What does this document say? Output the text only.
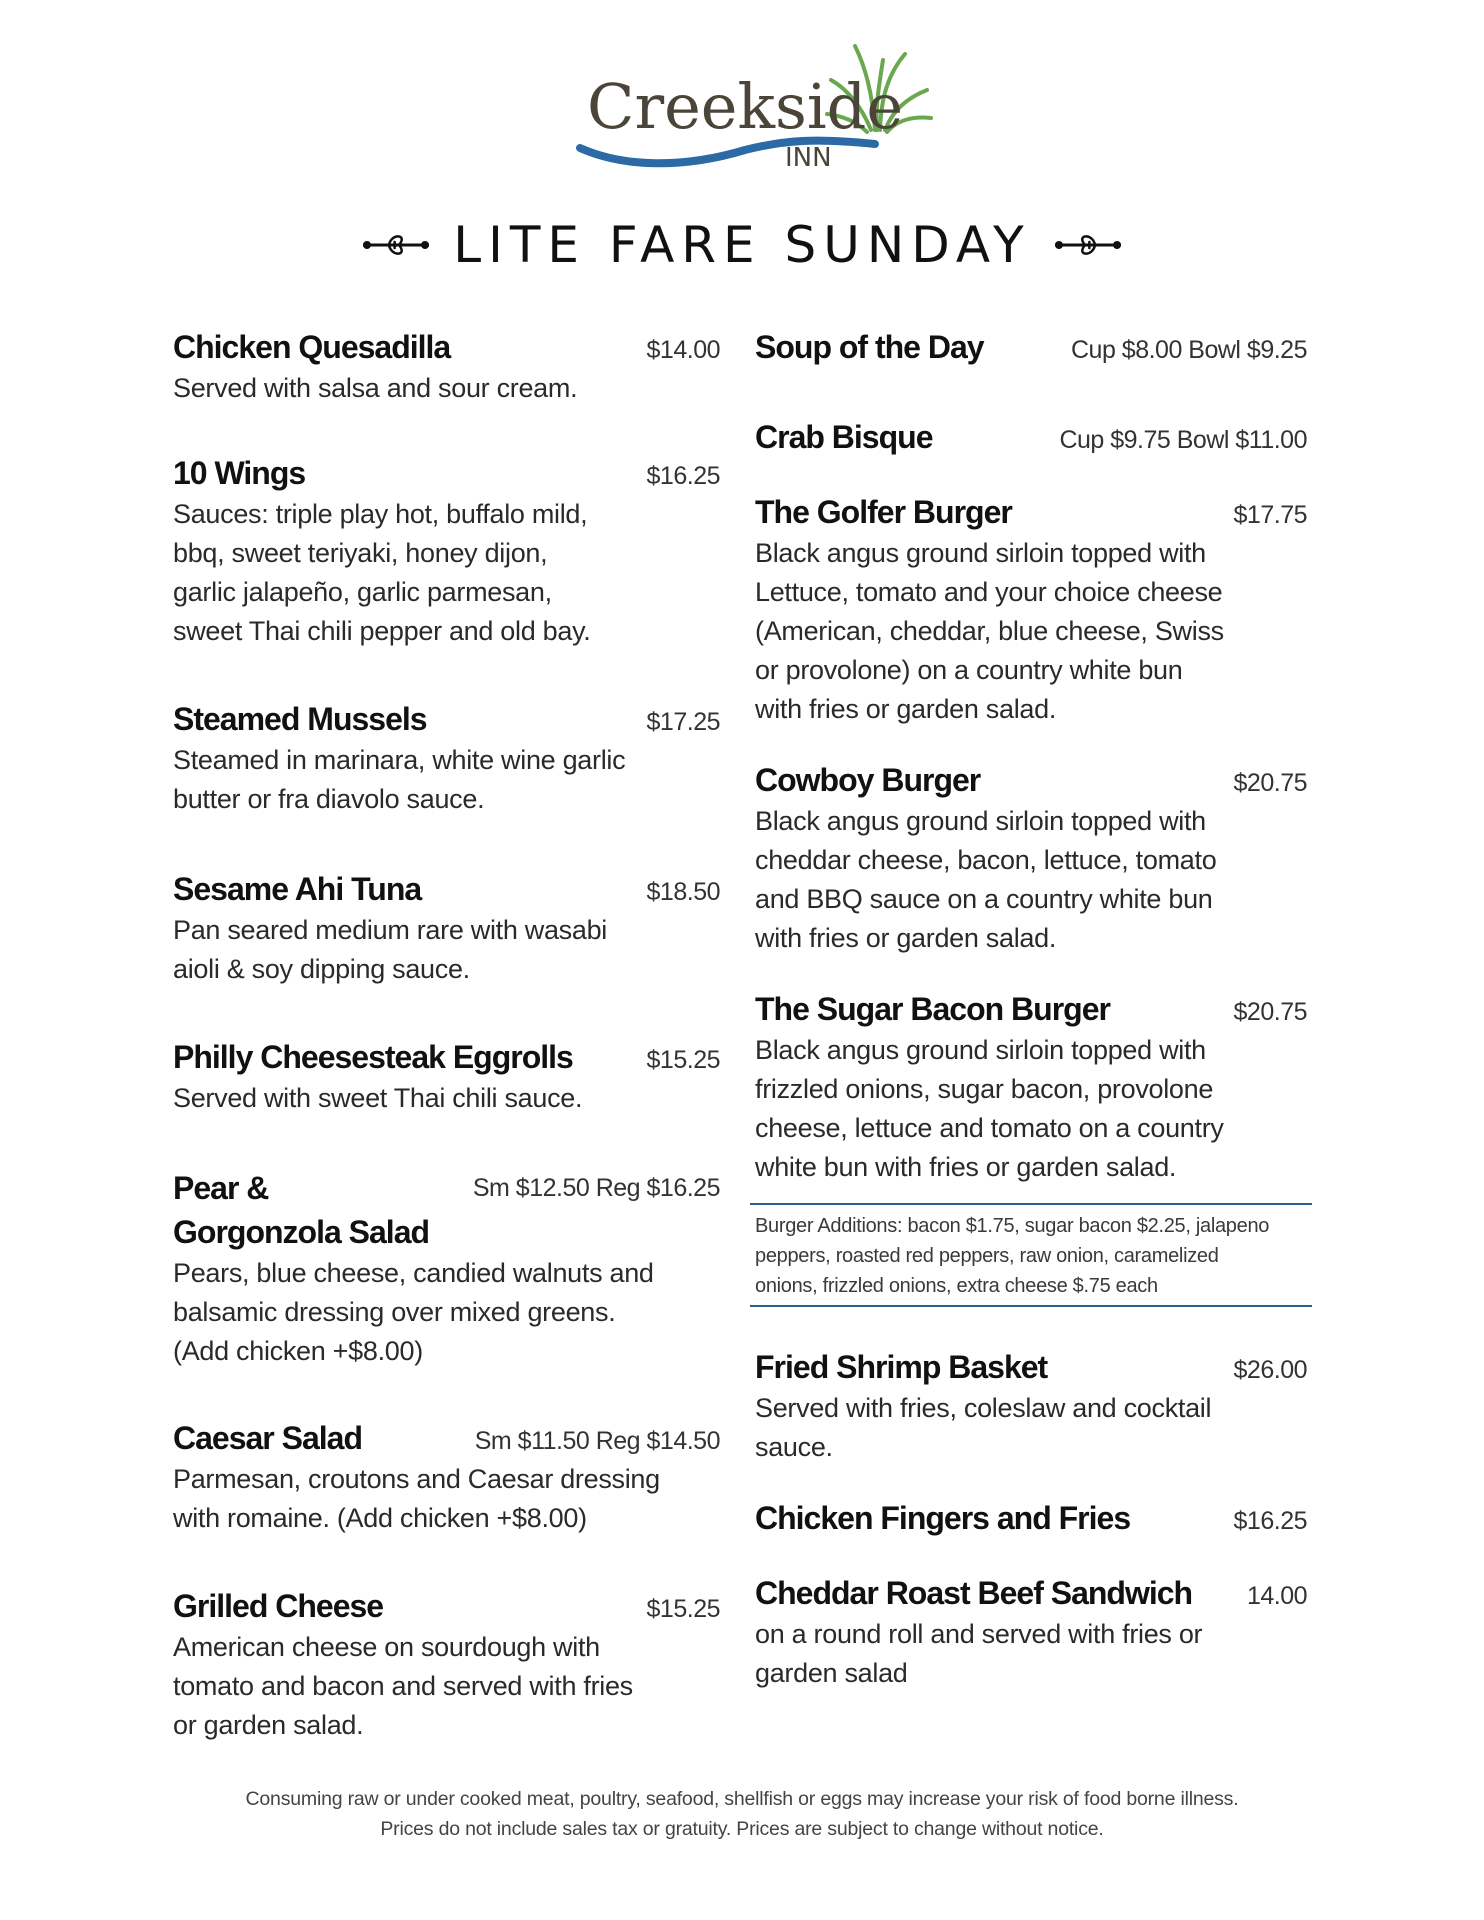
Creekside
INN
LITE FARE SUNDAY
Chicken Quesadilla	$14.00
Served with salsa and sour cream.
10 Wings	$16.25
Sauces: triple play hot, buffalo mild,
bbq, sweet teriyaki, honey dijon,
garlic jalapeño, garlic parmesan,
sweet Thai chili pepper and old bay.
Steamed Mussels	$17.25
Steamed in marinara, white wine garlic
butter or fra diavolo sauce.
Sesame Ahi Tuna	$18.50
Pan seared medium rare with wasabi
aioli & soy dipping sauce.
Philly Cheesesteak Eggrolls	$15.25
Served with sweet Thai chili sauce.
Pear & Gorgonzola Salad
Sm $12.50 Reg $16.25
Pears, blue cheese, candied walnuts and
balsamic dressing over mixed greens.
(Add chicken +$8.00)
Caesar Salad	Sm $11.50 Reg $14.50
Parmesan, croutons and Caesar dressing
with romaine. (Add chicken +$8.00)
Grilled Cheese	$15.25
American cheese on sourdough with
tomato and bacon and served with fries
or garden salad.
Soup of the Day	Cup $8.00 Bowl $9.25
Crab Bisque	Cup $9.75 Bowl $11.00
The Golfer Burger	$17.75
Black angus ground sirloin topped with
Lettuce, tomato and your choice cheese
(American, cheddar, blue cheese, Swiss
or provolone) on a country white bun
with fries or garden salad.
Cowboy Burger	$20.75
Black angus ground sirloin topped with
cheddar cheese, bacon, lettuce, tomato
and BBQ sauce on a country white bun
with fries or garden salad.
The Sugar Bacon Burger	$20.75
Black angus ground sirloin topped with
frizzled onions, sugar bacon, provolone
cheese, lettuce and tomato on a country
white bun with fries or garden salad.
Burger Additions: bacon $1.75, sugar bacon $2.25, jalapeno
peppers, roasted red peppers, raw onion, caramelized
onions, frizzled onions, extra cheese $.75 each
Fried Shrimp Basket	$26.00
Served with fries, coleslaw and cocktail
sauce.
Chicken Fingers and Fries	$16.25
Cheddar Roast Beef Sandwich 14.00
on a round roll and served with fries or
garden salad
Consuming raw or under cooked meat, poultry, seafood, shellfish or eggs may increase your risk of food borne illness.
Prices do not include sales tax or gratuity. Prices are subject to change without notice.
